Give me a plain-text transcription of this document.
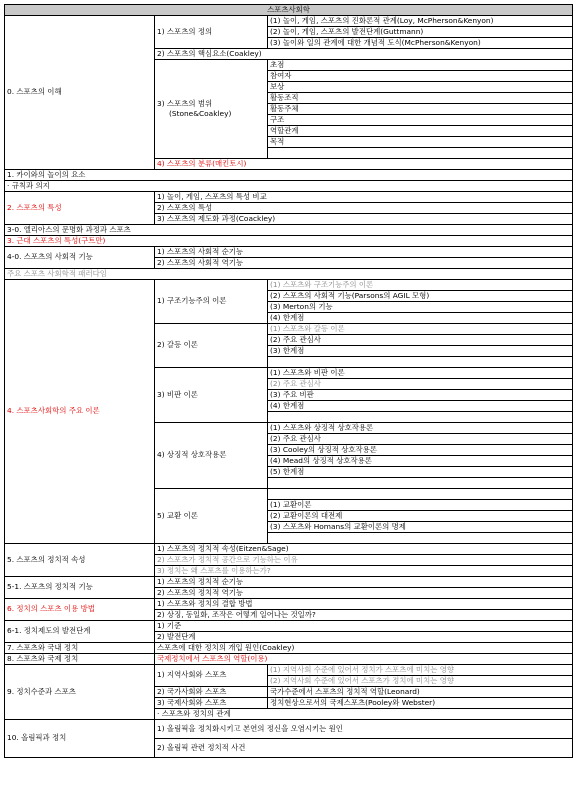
스포츠사회학		
0. 스포츠의 이해	1) 스포츠의 정의	(1) 놀이, 게임, 스포츠의 진화론적 관계(Loy, McPherson&Kenyon)
		(2) 놀이, 게임, 스포츠의 발전단계(Guttmann)
		(3) 놀이와 일의 관계에 대한 개념적 도식(McPherson&Kenyon)
	2) 스포츠의 핵심요소(Coakley)	

	3) 스포츠의 범위
(Stone&Coakley)	초점
		참여자
		보상
		활동조직
		활동주체
		구조
		역할관계
		목적

	4) 스포츠의 분류(매킨토시)	
1. 카이와의 놀이의 요소		
· 규칙과 의지		
2. 스포츠의 특성	1) 놀이, 게임, 스포츠의 특성 비교	
	2) 스포츠의 특성	
	3) 스포츠의 제도화 과정(Coackley)	
3-0. 엘리아스의 문명화 과정과 스포츠		
3. 근대 스포츠의 특성(구트만)		
4-0. 스포츠의 사회적 기능	1) 스포츠의 사회적 순기능	
	2) 스포츠의 사회적 역기능	
주요 스포츠 사회학적 패러다임		
4. 스포츠사회학의 주요 이론	1) 구조기능주의 이론	(1) 스포츠와 구조기능주의 이론
		(2) 스포츠의 사회적 기능(Parsons의 AGIL 모형)
		(3) Merton의 기능
		(4) 한계점
	2) 갈등 이론	(1) 스포츠와 갈등 이론
		(2) 주요 관심사
		(3) 한계점

	3) 비판 이론	(1) 스포츠와 비판 이론
		(2) 주요 관심사
		(3) 주요 비판
		(4) 한계점

	4) 상징적 상호작용론	(1) 스포츠와 상징적 상호작용론
		(2) 주요 관심사
		(3) Cooley의 상징적 상호작용론
		(4) Mead의 상징적 상호작용론
		(5) 한계점

	5) 교환 이론	
		(1) 교환이론
		(2) 교환이론의 대전제
		(3) 스포츠와 Homans의 교환이론의 명제

5. 스포츠의 정치적 속성	1) 스포츠의 정치적 속성(Eitzen&Sage)	
	2) 스포츠가 정치적 공간으로 기능하는 이유	
	3) 정치는 왜 스포츠를 이용하는가?	
5-1. 스포츠의 정치적 기능	1) 스포츠의 정치적 순기능	
	2) 스포츠의 정치적 역기능	
6. 정치의 스포츠 이용 방법	1) 스포츠와 정치의 결합 방법	
	2) 상징, 동일화, 조작은 어떻게 일어나는 것일까?	
6-1. 정치제도의 발전단계	1) 기준	
	2) 발전단계	
7. 스포츠와 국내 정치	스포츠에 대한 정치의 개입 원인(Coakley)	
8. 스포츠와 국제 정치	국제정치에서 스포츠의 역할(이용)	
9. 정치수준과 스포츠	1) 지역사회와 스포츠	(1) 지역사회 수준에 있어서 정치가 스포츠에 미치는 영향
		(2) 지역사회 수준에 있어서 스포츠가 정치에 미치는 영향
	2) 국가사회와 스포츠	국가수준에서 스포츠의 정치적 역할(Leonard)
	3) 국제사회와 스포츠	정치현상으로서의 국제스포츠(Pooley와 Webster)
	· 스포츠와 정치의 관계	
10. 올림픽과 정치	1) 올림픽을 정치화시키고 본연의 정신을 오염시키는 원인	
	2) 올림픽 관련 정치적 사건	
